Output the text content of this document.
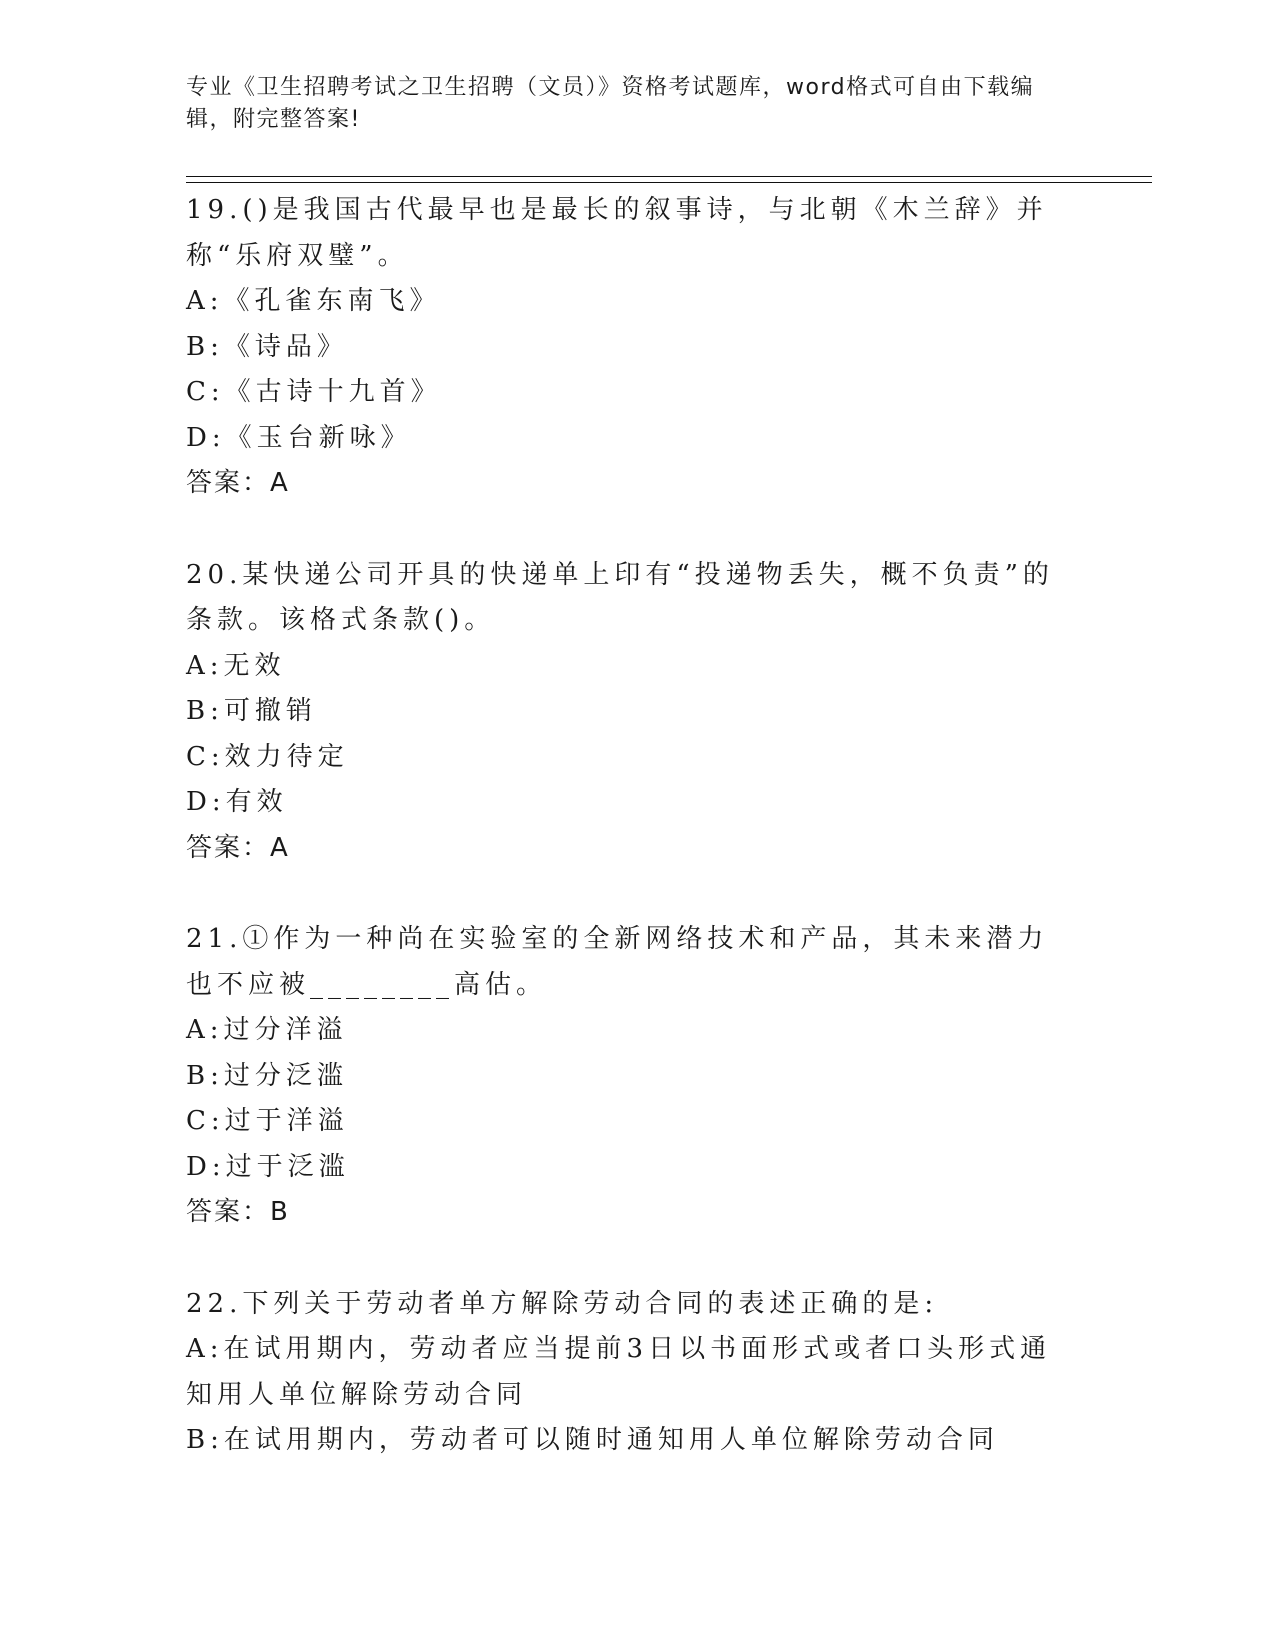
专业《卫生招聘考试之卫生招聘（文员）》资格考试题库，word格式可自由下载编辑，附完整答案!
19.()是我国古代最早也是最长的叙事诗，与北朝《木兰辞》并称“乐府双璧”。
A:《孔雀东南飞》
B:《诗品》
C:《古诗十九首》
D:《玉台新咏》
答案：A
20.某快递公司开具的快递单上印有“投递物丢失，概不负责”的条款。该格式条款()。
A:无效
B:可撤销
C:效力待定
D:有效
答案：A
21.①作为一种尚在实验室的全新网络技术和产品，其未来潜力也不应被________高估。
A:过分洋溢
B:过分泛滥
C:过于洋溢
D:过于泛滥
答案：B
22.下列关于劳动者单方解除劳动合同的表述正确的是:
A:在试用期内，劳动者应当提前3日以书面形式或者口头形式通知用人单位解除劳动合同
B:在试用期内，劳动者可以随时通知用人单位解除劳动合同
